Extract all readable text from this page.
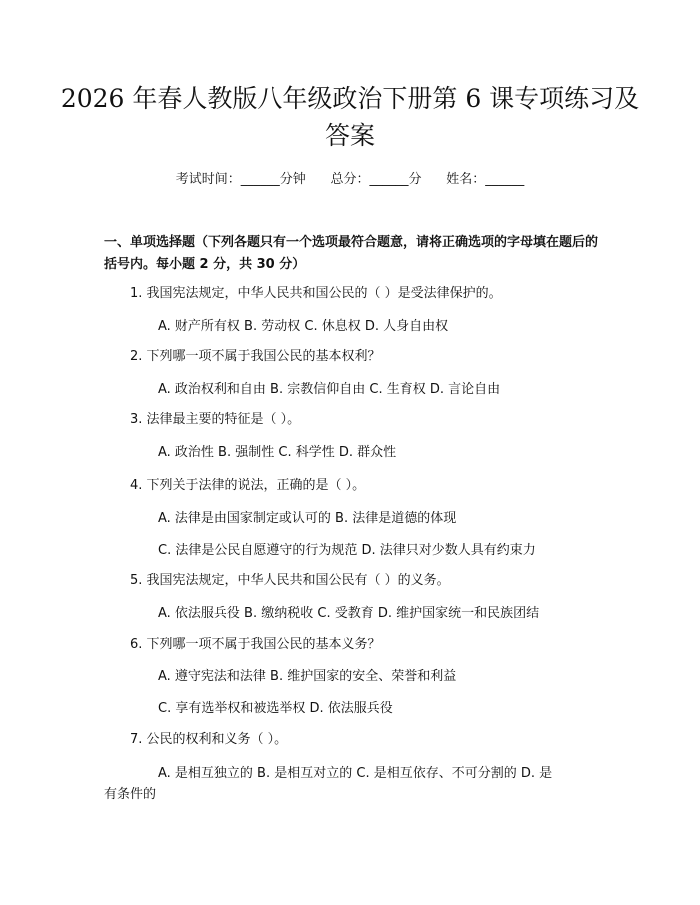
2026 年春人教版八年级政治下册第 6 课专项练习及答案
考试时间：______分钟      总分：______分      姓名：______
一、单项选择题（下列各题只有一个选项最符合题意，请将正确选项的字母填在题后的括号内。每小题 2 分，共 30 分）
1. 我国宪法规定，中华人民共和国公民的（ ）是受法律保护的。
A. 财产所有权 B. 劳动权 C. 休息权 D. 人身自由权
2. 下列哪一项不属于我国公民的基本权利？
A. 政治权利和自由 B. 宗教信仰自由 C. 生育权 D. 言论自由
3. 法律最主要的特征是（ ）。
A. 政治性 B. 强制性 C. 科学性 D. 群众性
4. 下列关于法律的说法，正确的是（ ）。
A. 法律是由国家制定或认可的 B. 法律是道德的体现
C. 法律是公民自愿遵守的行为规范 D. 法律只对少数人具有约束力
5. 我国宪法规定，中华人民共和国公民有（ ）的义务。
A. 依法服兵役 B. 缴纳税收 C. 受教育 D. 维护国家统一和民族团结
6. 下列哪一项不属于我国公民的基本义务？
A. 遵守宪法和法律 B. 维护国家的安全、荣誉和利益
C. 享有选举权和被选举权 D. 依法服兵役
7. 公民的权利和义务（ ）。
A. 是相互独立的 B. 是相互对立的 C. 是相互依存、不可分割的 D. 是
有条件的
